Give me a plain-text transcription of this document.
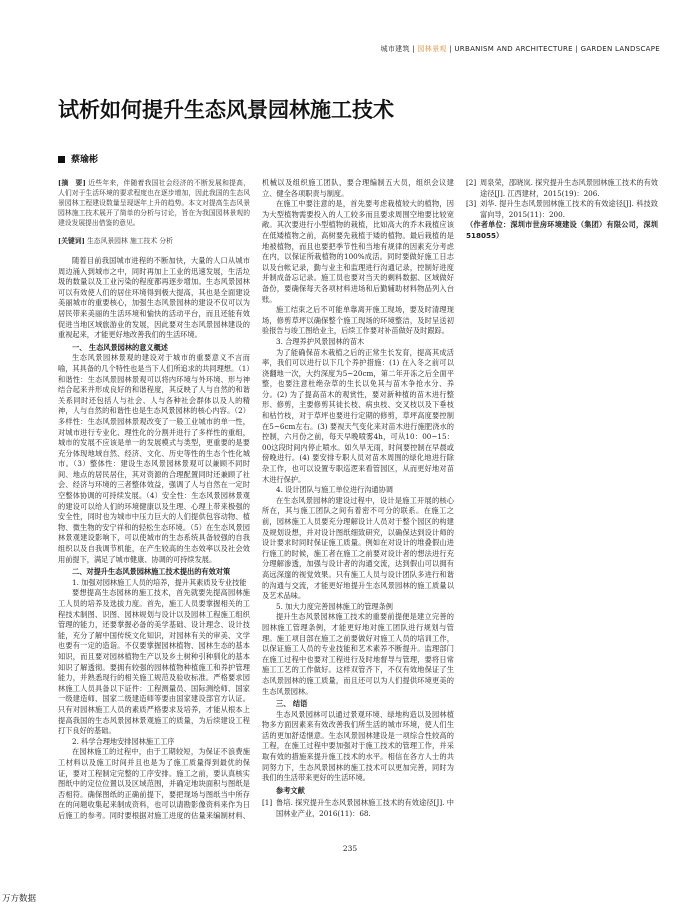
城市建筑 | 园林景观 | URBANISM AND ARCHITECTURE | GARDEN LANDSCAPE
试析如何提升生态风景园林施工技术
蔡瑜彬

[摘　要] 近些年来，伴随着我国社会经济的不断发展和提高，人们对于生活环境的要求程度也在逐步增加，因此我国的生态风景园林工程建设数量呈现逐年上升的趋势。本文对提高生态风景园林施工技术展开了简单的分析与讨论，旨在为我国园林景观的建设发展提出借鉴的意见。

[关键词] 生态风景园林 施工技术 分析

随着目前我国城市进程的不断加快，大量的人口从城市周边涌入到城市之中，同时再加上工业的迅速发展，生活垃圾的数量以及工业污染的程度都再逐步增加。生态风景园林可以有效使人们的居住环境得到极大提高，其也是全面建设美丽城市的重要核心，加强生态风景园林的建设不仅可以为居民带来美丽的生活环境和愉快的活动平台，而且还能有效促进当地区域旅游业的发展，因此要对生态风景园林建设的重视起来，才能更好地改善我们的生活环境。

一、 生态风景园林的意义概述

生态风景园林景观的建设对于城市的重要意义不言而喻，其具备的几个特性也是当下人们所追求的共同理想。（1）和谐性：生态风景园林景观可以将内环境与外环境、形与神结合起来并形成良好的和谐程度，其反映了人与自然的和谐关系同时还包括人与社会、人与各种社会群体以及人的精神，人与自然的和谐性也是生态风景园林的核心内容。（2）多样性：生态风景园林景观改变了一般工业城市的单一性，对城市进行专业化、理性化的分割并进行了多样性的重组，城市的发展不应该是单一的发展模式与类型，更重要的是要充分体现地域自然、经济、文化、历史等性的生态个性化城市。（3）整体性：建设生态风景园林景观可以兼顾不同时间、地点的居民居住，其对资源的合理配置同时还兼顾了社会、经济与环境的三者整体效益，强调了人与自然在一定时空整体协调的可持续发展。（4）安全性：生态风景园林景观的建设可以给人们的环境健康以及生理、心理上带来极强的安全性，同时也为城市中压力巨大的人们提供包容动物、植物、微生物的安宁祥和的轻松生态环境。（5）在生态风景园林景观建设影响下，可以使城市的生态系统具备较强的自我组织以及自我调节机能，在产生较高的生态效率以及社会效用前提下，满足了城市健康、协调的可持续发展。

二、对提升生态风景园林施工技术提出的有效对策

1. 加强对园林施工人员的培养，提升其素质及专业技能

要想提高生态园林的施工技术，首先就要先提高园林施工人员的培养及选拔力度。首先，施工人员要掌握相关的工程技术制图、识图、园林规划与设计以及园林工程施工组织管理的能力，还要掌握必备的美学基础、设计理念、设计技能，充分了解中国传统文化知识，对园林有关的审美、文学也要有一定的造诣。不仅要掌握园林植物、园林生态的基本知识，而且要对园林植物生产以及乡土树种引种驯化的基本知识了解透彻。要拥有较强的园林植物种植施工和养护管理能力，并熟悉现行的相关施工规范及验收标准。严格要求园林施工人员具备以下证件：工程测量员、国际测绘师、国家一级建造师、国家二级建造师等要由国家建设部官方认证。只有对园林施工人员的素质严格要求及培养，才能从根本上提高我国的生态风景园林景观施工的质量，为后续建设工程打下良好的基础。

2. 科学合理地安排园林施工工序

在园林施工的过程中，由于工期较短，为保证不浪费施工材料以及施工时间并且也是为了施工质量得到最优的保证，要对工程制定完整的工序安排。施工之前，要认真核实图纸中的定位位置以及区域范围，并确定地块面积与图纸是否相符。确保图纸的正确前提下，要把现场与图纸当中所存在的问题收集起来制成资料，也可以请勘影像资料来作为日后施工的参考。同时要根据对施工进度的估量来编制材料、机械以及组织施工团队，要合理编制五大员，组织会议建立、健全各项职责与制度。

在施工中要注意的是，首先要考虑栽植较大的植物，因为大型植物需要投入的人工较多而且要求周围空地要比较宽敞。其次要进行小型植物的栽植，比如高大的乔木栽植应该在低矮植物之前，高树要先栽植于矮的植物。最后栽植的是地被植物，而且也要把季节性和当地有规律的因素充分考虑在内，以保证所栽植物的100%成活。同时要做好施工日志以及台帐记录，勤与业主和监理进行沟通记录，控制好进度并制成备忘记录。施工员也要对当天的剩料数据、区域做好备份，要确保每天各项材料进场和后勤辅助材料物品列入台账。

施工结束之后不可能单靠离开施工现场，要及时清理现场，修剪草坪以确保整个施工现场的环境整洁，及时呈送初验报告与竣工图给业主，后续工作要对补苗做好及时跟踪。

3. 合理养护风景园林的苗木

为了能确保苗木栽植之后的正常生长发育，提高其成活率，我们可以进行以下几个养护措施：(1) 在入冬之前可以浇翻地一次，大约深度为5~20cm，第二年开冻之后全面平整，也要注意杜绝杂草的生长以免其与苗木争抢水分、养分。(2) 为了提高苗木的观赏性，要对新种植的苗木进行整形、修剪，主要修剪其徒长枝、病虫枝、交叉枝以及下垂枝和枯竹枝，对于草坪也要进行定期的修剪，草坪高度要控制在5~6cm左右。(3) 要视天气变化来对苗木进行施肥浇水的控制，六月份之前，每天早晚喷雾4h，可从10：00~15：00这段时间内停止喷水。如久旱无雨，时间要控制在早晨或傍晚进行。(4) 要安排专职人员对苗木周围的绿化地进行除杂工作，也可以设置专职巡逻来看管园区，从而更好地对苗木进行保护。

4. 设计团队与施工单位进行沟通协调

在生态风景园林的建设过程中，设计是施工开展的核心所在，其与施工团队之间有着密不可分的联系。在施工之前，园林施工人员要充分理解设计人员对于整个园区的构建及规划设想，并对设计图纸细致研究，以确保达到设计师的设计要求时同时保证施工质量。例如在对设计的堆叠假山进行施工的时候，施工者在施工之前要对设计者的想法进行充分理解渗透，加强与设计者的沟通交流，达到假山可以拥有高远深邃的视觉效果。只有施工人员与设计团队多进行和谐的沟通与交流，才能更好地提升生态风景园林的施工质量以及艺术品味。

5. 加大力度完善园林施工的管理条例

提升生态风景园林施工技术的重要前提便是建立完善的园林施工管理条例，才能更好地对施工团队进行规划与管理。施工项目部在施工之前要做好对施工人员的培训工作，以保证施工人员的专业技能和艺术素养不断提升。监理部门在施工过程中也要对工程进行及时地督导与管理，要将日常施工工艺的工作做好。这样双管齐下，不仅有效地保证了生态风景园林的施工质量，而且还可以为人们提供环境更美的生态风景园林。

三、 结语

生态风景园林可以通过景观环境、绿地构造以及园林植物多方面因素来有效改善我们所生活的城市环境，使人们生活的更加舒适惬意。生态风景园林建设是一项综合性较高的工程，在施工过程中要加强对于施工技术的管理工作，并采取有效的措施来提升施工技术的水平。相信在各方人士的共同努力下，生态风景园林的施工技术可以更加完善，同时为我们的生活带来更好的生活环境。

参考文献

[1] 鲁培. 探究提升生态风景园林施工技术的有效途径[J]. 中国林业产业，2016(11)：68.

[2] 周泉荣，邵晓岚. 探究提升生态风景园林施工技术的有效途径[J]. 江西建材，2015(19)：206.

[3] 刘华. 提升生态风景园林施工技术的有效途径[J]. 科技致富向导，2015(11)：200.

（作者单位：深圳市世房环境建设（集团）有限公司，深圳 518055）

235
万方数据
